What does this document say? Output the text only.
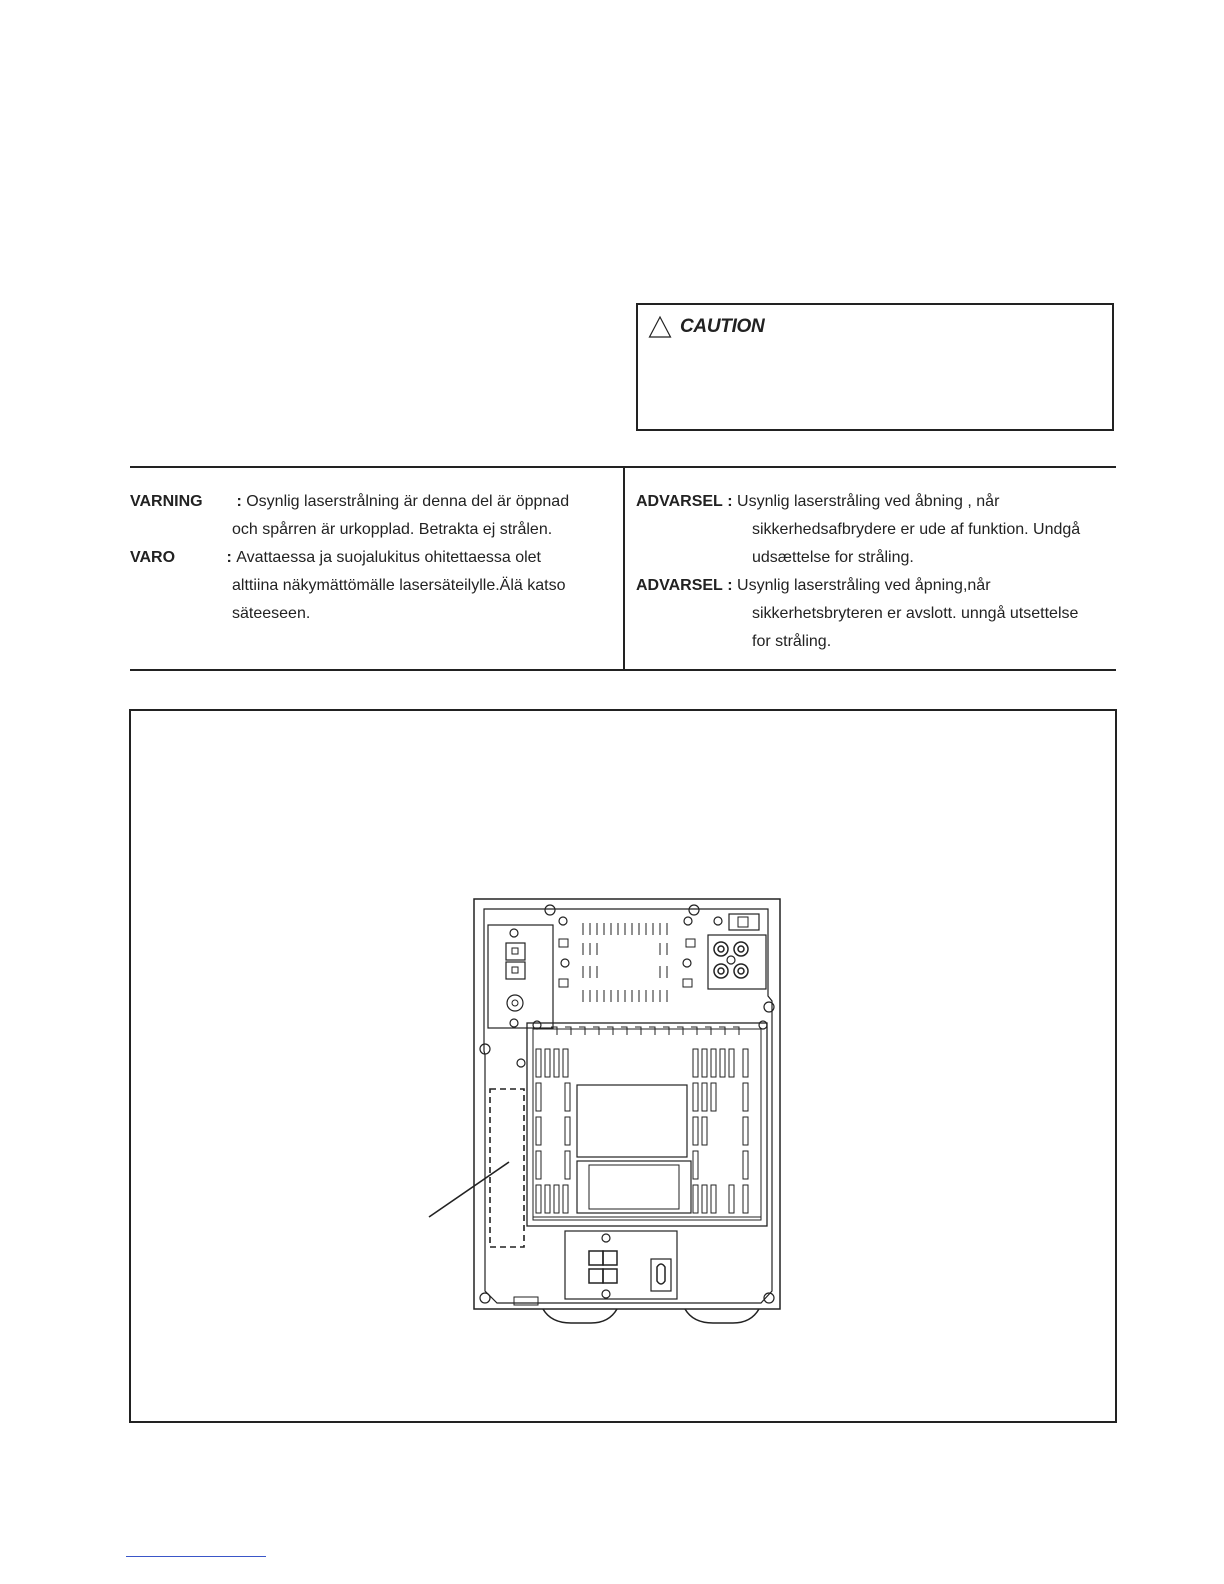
CAUTION
VARNING : Osynlig laserstrålning är denna del är öppnad
och spårren är urkopplad. Betrakta ej strålen.
VARO	: Avattaessa ja suojalukitus ohitettaessa olet
alttiina näkymättömälle lasersäteilylle.Älä katso
säteeseen.
ADVARSEL : Usynlig laserstråling ved åbning , når
sikkerhedsafbrydere er ude af funktion. Undgå
udsættelse for stråling.
ADVARSEL : Usynlig laserstråling ved åpning,når
sikkerhetsbryteren er avslott. unngå utsettelse
for stråling.
